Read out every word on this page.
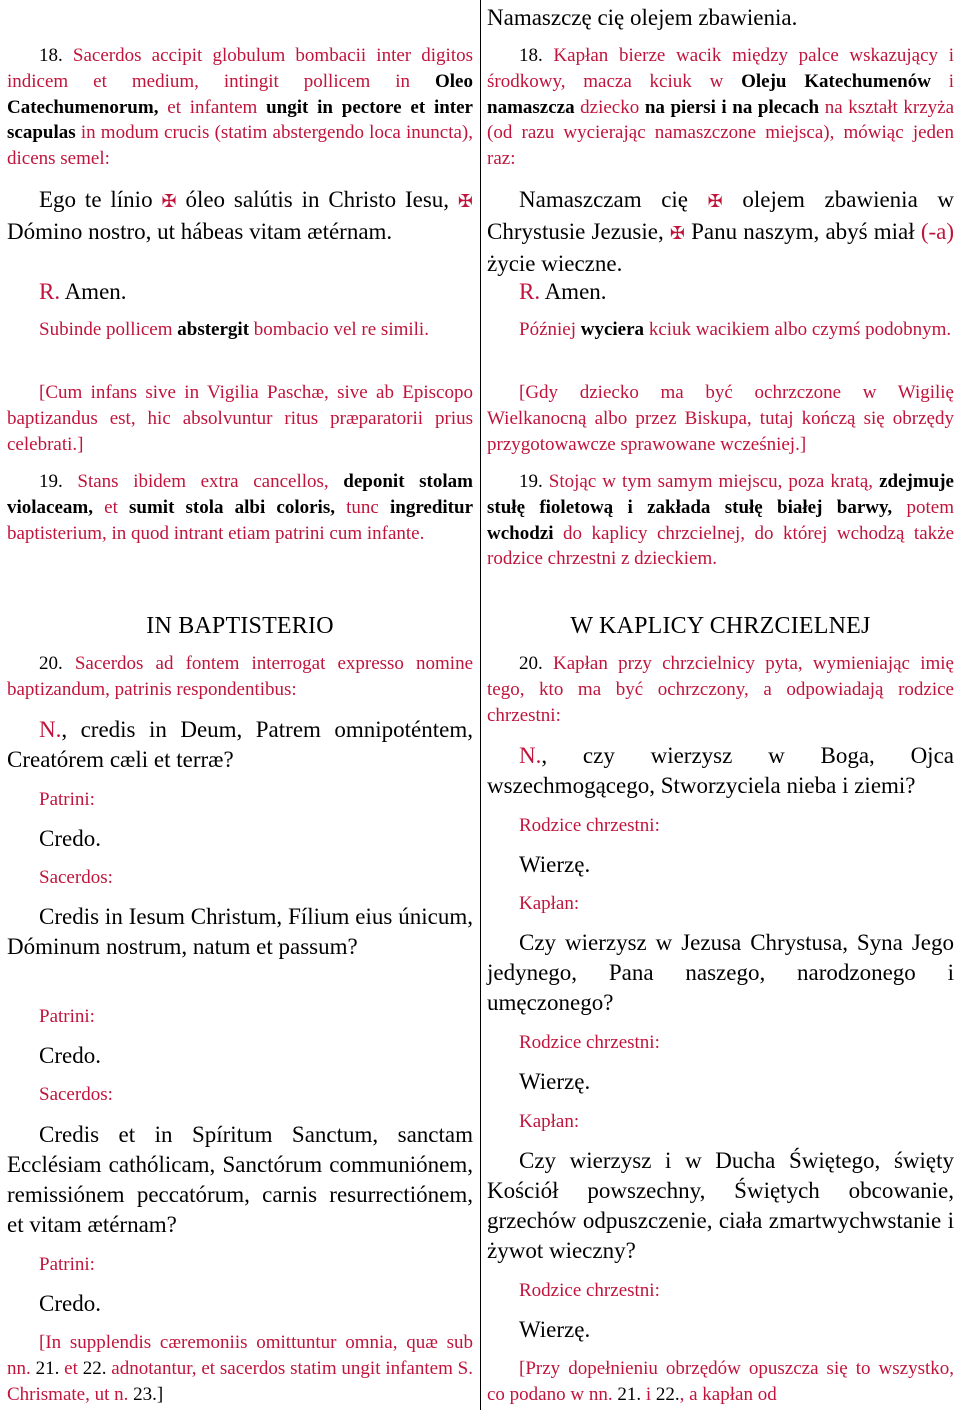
18. Sacerdos accipit globulum bombacii inter digitos indicem et medium, intingit pollicem in Oleo Catechumenorum, et infantem ungit in pectore et inter scapulas in modum crucis (statim abstergendo loca inuncta), dicens semel:

Ego te línio ✠ óleo salútis in Christo Iesu, ✠ Dómino nostro, ut hábeas vitam ætérnam.

R. Amen.

Subinde pollicem abstergit bombacio vel re simili.

[Cum infans sive in Vigilia Paschæ, sive ab Episcopo baptizandus est, hic absolvuntur ritus præparatorii prius celebrati.]

19. Stans ibidem extra cancellos, deponit stolam violaceam, et sumit stola albi coloris, tunc ingreditur baptisterium, in quod intrant etiam patrini cum infante.

IN BAPTISTERIO

20. Sacerdos ad fontem interrogat expresso nomine baptizandum, patrinis respondentibus:

N., credis in Deum, Patrem omnipoténtem, Creatórem cæli et terræ?

Patrini:
Credo.
Sacerdos:

Credis in Iesum Christum, Fílium eius únicum, Dóminum nostrum, natum et passum?

Patrini:
Credo.
Sacerdos:

Credis et in Spíritum Sanctum, sanctam Ecclésiam cathólicam, Sanctórum communiónem, remissiónem peccatórum, carnis resurrectiónem, et vitam ætérnam?

Patrini:
Credo.

[In supplendis cæremoniis omittuntur omnia, quæ sub nn. 21. et 22. adnotantur, et sacerdos statim ungit infantem S. Chrismate, ut n. 23.]

Namaszczę cię olejem zbawienia.

18. Kapłan bierze wacik między palce wskazujący i środkowy, macza kciuk w Oleju Katechumenów i namaszcza dziecko na piersi i na plecach na kształt krzyża (od razu wycierając namaszczone miejsca), mówiąc jeden raz:

Namaszczam cię ✠ olejem zbawienia w Chrystusie Jezusie, ✠ Panu naszym, abyś miał (-a) życie wieczne.

R. Amen.

Później wyciera kciuk wacikiem albo czymś podobnym.

[Gdy dziecko ma być ochrzczone w Wigilię Wielkanocną albo przez Biskupa, tutaj kończą się obrzędy przygotowawcze sprawowane wcześniej.]

19. Stojąc w tym samym miejscu, poza kratą, zdejmuje stułę fioletową i zakłada stułę białej barwy, potem wchodzi do kaplicy chrzcielnej, do której wchodzą także rodzice chrzestni z dzieckiem.

W KAPLICY CHRZCIELNEJ

20. Kapłan przy chrzcielnicy pyta, wymieniając imię tego, kto ma być ochrzczony, a odpowiadają rodzice chrzestni:

N., czy wierzysz w Boga, Ojca wszechmogącego, Stworzyciela nieba i ziemi?

Rodzice chrzestni:
Wierzę.
Kapłan:

Czy wierzysz w Jezusa Chrystusa, Syna Jego jedynego, Pana naszego, narodzonego i umęczonego?

Rodzice chrzestni:
Wierzę.
Kapłan:

Czy wierzysz i w Ducha Świętego, święty Kościół powszechny, Świętych obcowanie, grzechów odpuszczenie, ciała zmartwychwstanie i żywot wieczny?

Rodzice chrzestni:
Wierzę.

[Przy dopełnieniu obrzędów opuszcza się to wszystko, co podano w nn. 21. i 22., a kapłan od
